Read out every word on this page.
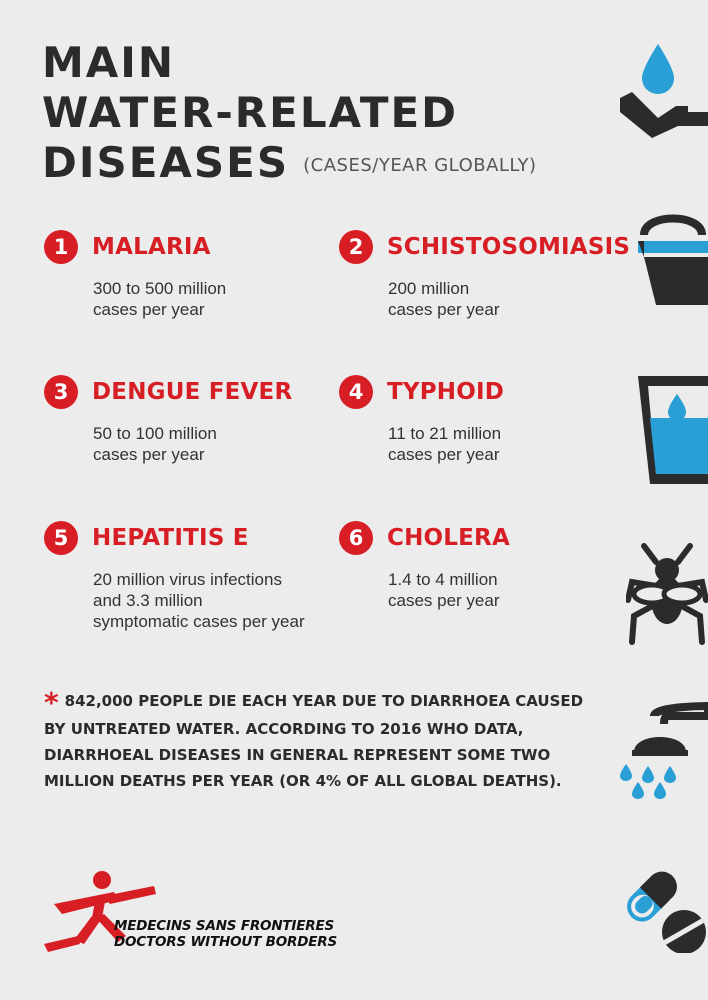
MAIN
WATER-RELATED
DISEASES $^{(CASES/YEAR GLOBALLY)}$
1	MALARIA
300 to 500 million
cases per year
2	SCHISTOSOMIASIS
200 million
cases per year
3	DENGUE FEVER
50 to 100 million
cases per year
4	TYPHOID
11 to 21 million
cases per year
5	HEPATITIS E
20 million virus infections
and 3.3 million
symptomatic cases per year
6	CHOLERA
1.4 to 4 million
cases per year
* 842,000 PEOPLE DIE EACH YEAR DUE TO DIARRHOEA CAUSED BY UNTREATED WATER. ACCORDING TO 2016 WHO DATA, DIARRHOEAL DISEASES IN GENERAL REPRESENT SOME TWO MILLION DEATHS PER YEAR (OR 4% OF ALL GLOBAL DEATHS).
MEDECINS SANS FRONTIERES
DOCTORS WITHOUT BORDERS
